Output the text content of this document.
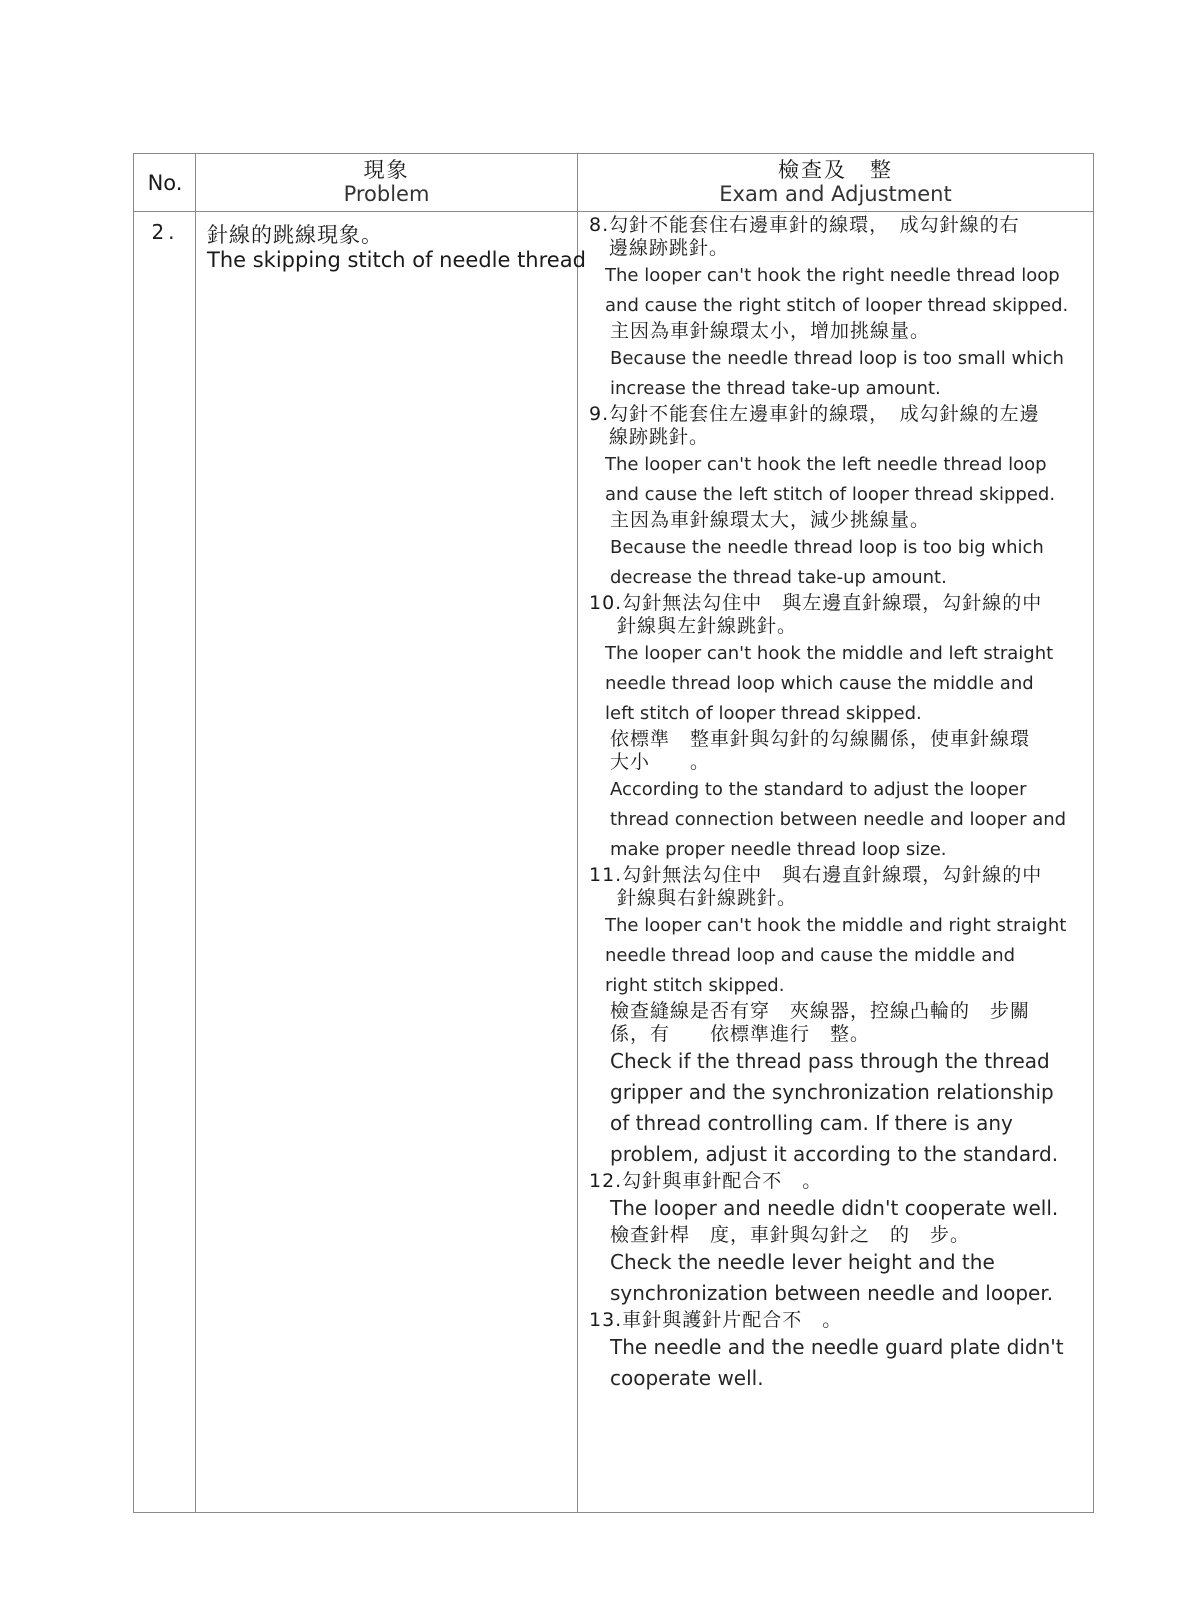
No.
現象
Problem
檢查及　整
Exam and Adjustment
2.	針線的跳線現象。
The skipping stitch of needle thread
8.勾針不能套住右邊車針的線環，　成勾針線的右
邊線跡跳針。
The looper can't hook the right needle thread loop
and cause the right stitch of looper thread skipped.
主因為車針線環太小，增加挑線量。
Because the needle thread loop is too small which
increase the thread take-up amount.
9.勾針不能套住左邊車針的線環，　成勾針線的左邊
線跡跳針。
The looper can't hook the left needle thread loop
and cause the left stitch of looper thread skipped.
主因為車針線環太大，減少挑線量。
Because the needle thread loop is too big which
decrease the thread take-up amount.
10.勾針無法勾住中　與左邊直針線環，勾針線的中
針線與左針線跳針。
The looper can't hook the middle and left straight
needle thread loop which cause the middle and
left stitch of looper thread skipped.
依標準　整車針與勾針的勾線關係，使車針線環
大小　　。
According to the standard to adjust the looper
thread connection between needle and looper and
make proper needle thread loop size.
11.勾針無法勾住中　與右邊直針線環，勾針線的中
針線與右針線跳針。
The looper can't hook the middle and right straight
needle thread loop and cause the middle and
right stitch skipped.
檢查縫線是否有穿　夾線器，控線凸輪的　步關
係，有　　依標準進行　整。
Check if the thread pass through the thread
gripper and the synchronization relationship
of thread controlling cam. If there is any
problem, adjust it according to the standard.
12.勾針與車針配合不　。
The looper and needle didn't cooperate well.
檢查針桿　度，車針與勾針之　的　步。
Check the needle lever height and the
synchronization between needle and looper.
13.車針與護針片配合不　。
The needle and the needle guard plate didn't
cooperate well.
